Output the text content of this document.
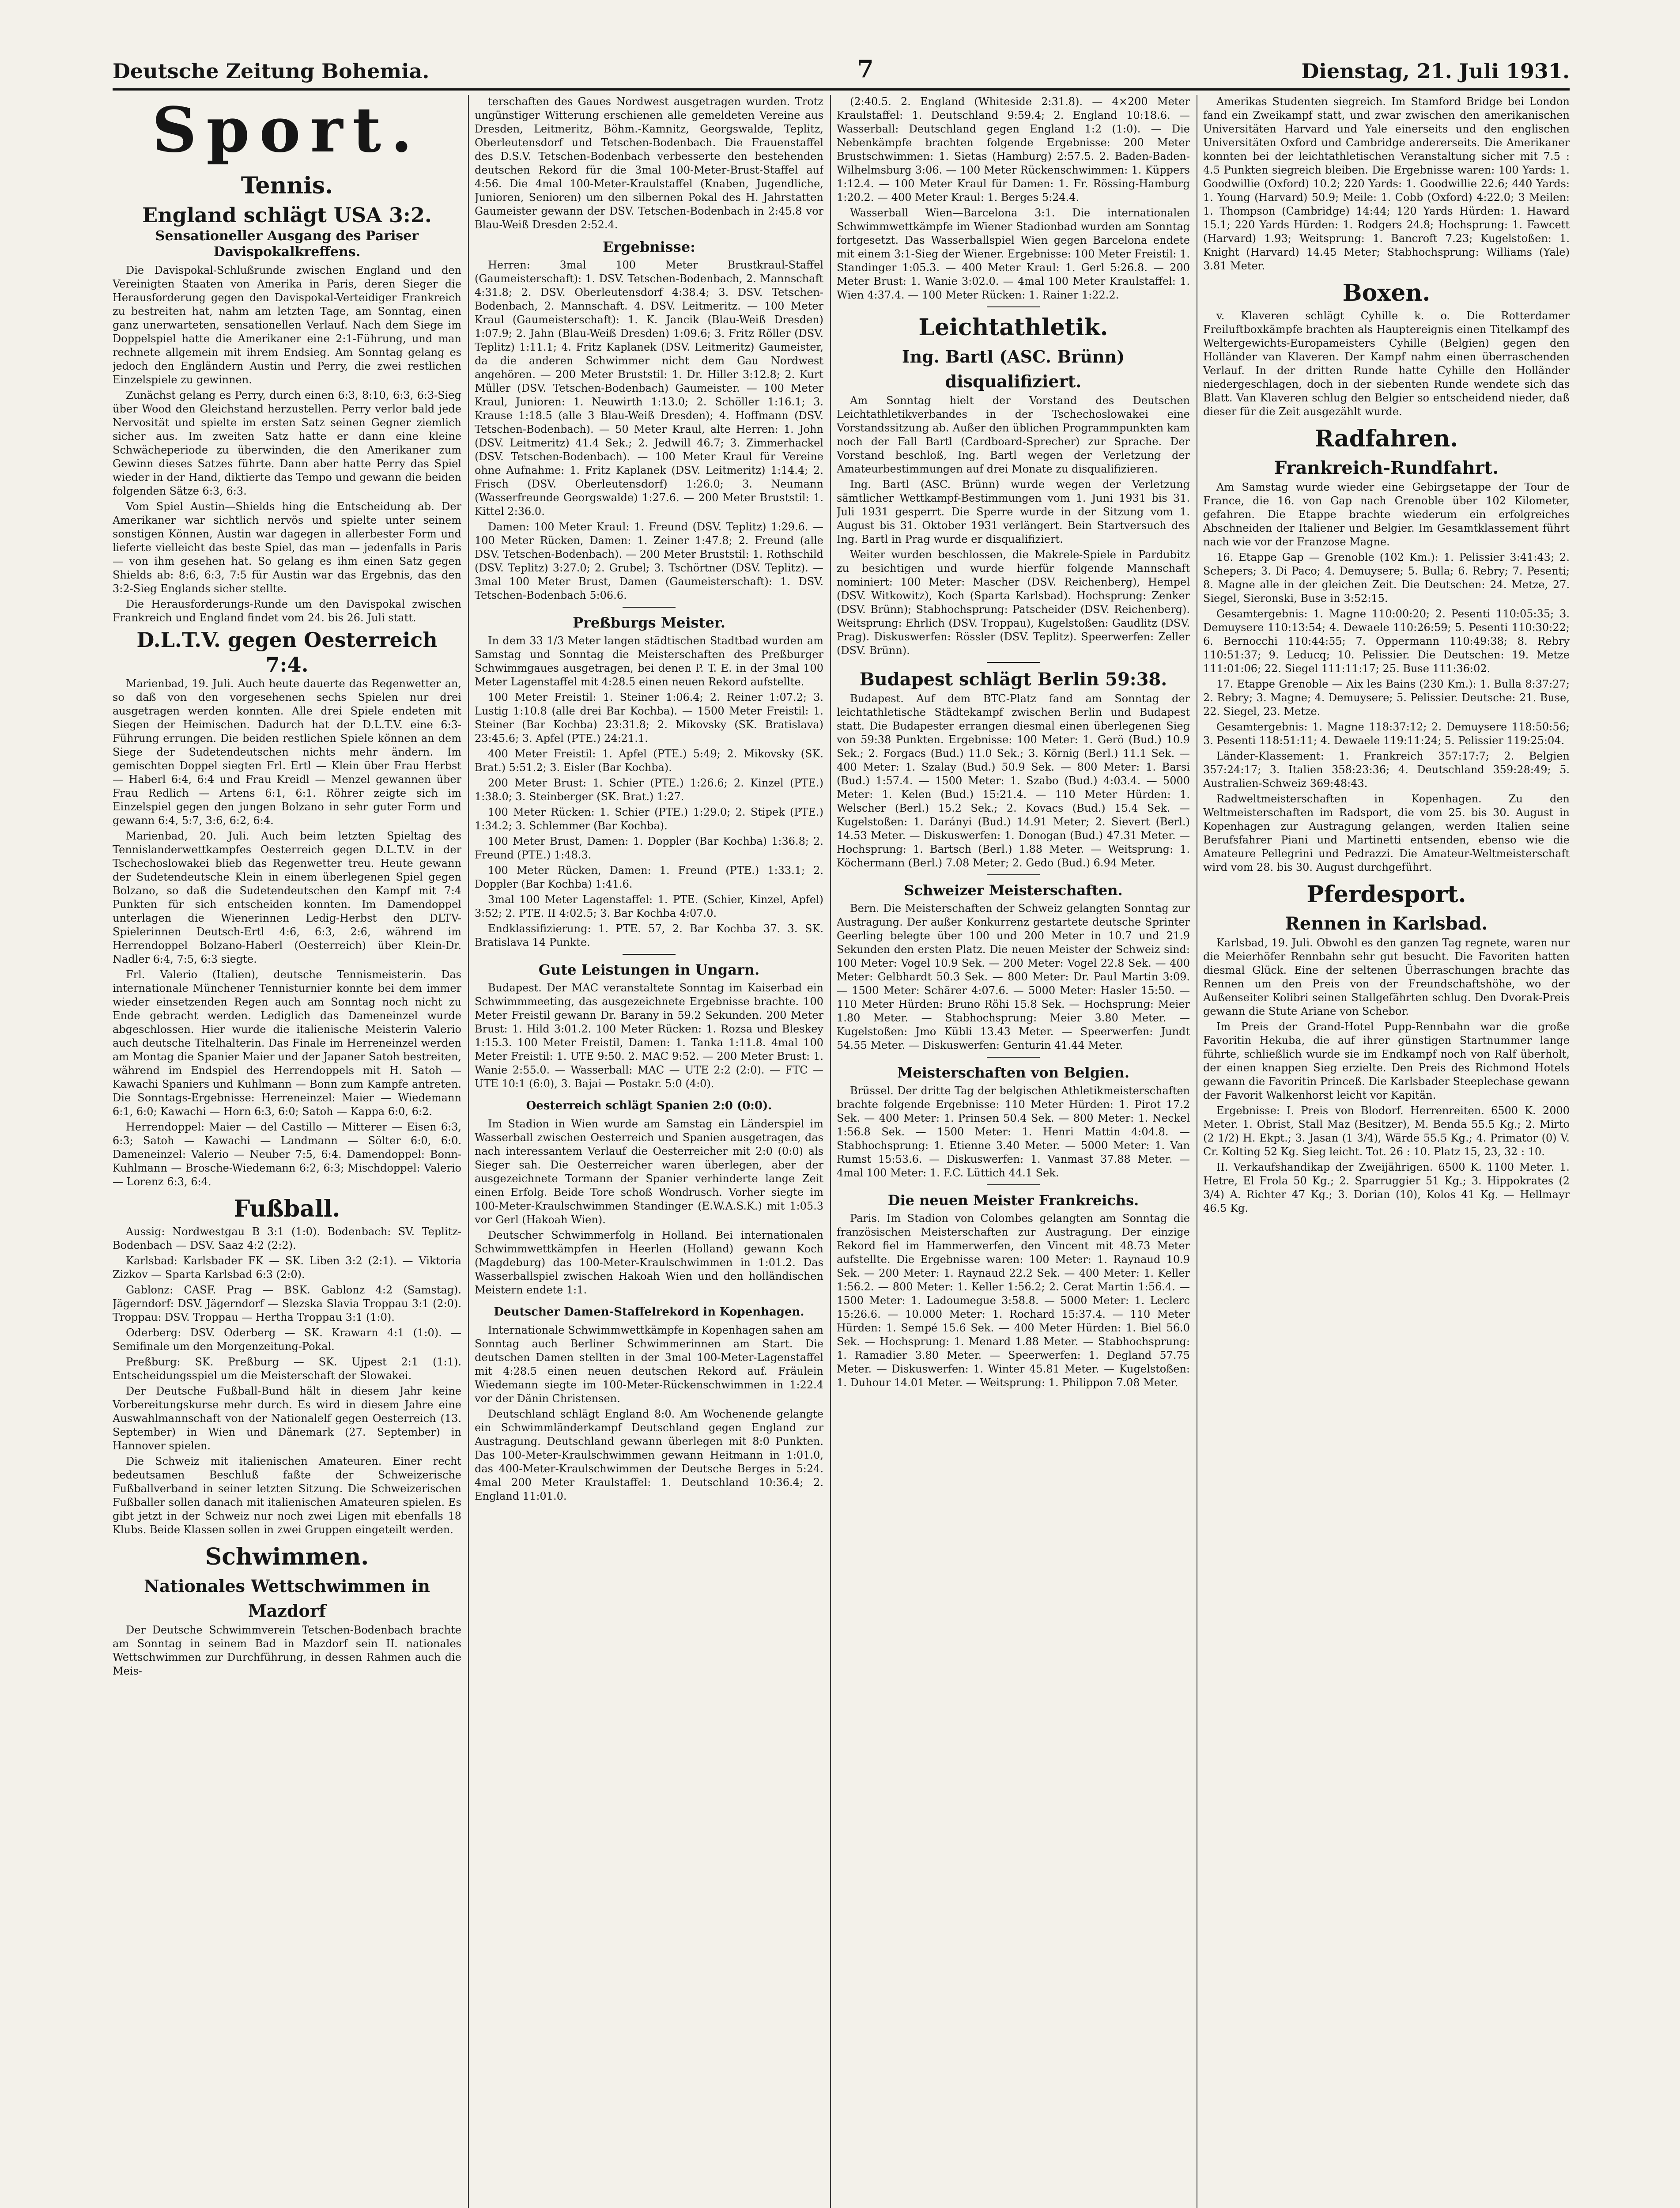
Deutsche Zeitung Bohemia.	7	Dienstag, 21. Juli 1931.
Sport.
Tennis.
England schlägt USA 3:2.
Sensationeller Ausgang des Pariser Davispokalkreffens.

Die Davispokal-Schlußrunde zwischen England und den Vereinigten Staaten von Amerika in Paris, deren Sieger die Herausforderung gegen den Davispokal-Verteidiger Frankreich zu bestreiten hat, nahm am letzten Tage, am Sonntag, einen ganz unerwarteten, sensationellen Verlauf. Nach dem Siege im Doppelspiel hatte die Amerikaner eine 2:1-Führung, und man rechnete allgemein mit ihrem Endsieg. Am Sonntag gelang es jedoch den Engländern Austin und Perry, die zwei restlichen Einzelspiele zu gewinnen.

Zunächst gelang es Perry, durch einen 6:3, 8:10, 6:3, 6:3-Sieg über Wood den Gleichstand herzustellen. Perry verlor bald jede Nervosität und spielte im ersten Satz seinen Gegner ziemlich sicher aus. Im zweiten Satz hatte er dann eine kleine Schwächeperiode zu überwinden, die den Amerikaner zum Gewinn dieses Satzes führte. Dann aber hatte Perry das Spiel wieder in der Hand, diktierte das Tempo und gewann die beiden folgenden Sätze 6:3, 6:3.

Vom Spiel Austin—Shields hing die Entscheidung ab. Der Amerikaner war sichtlich nervös und spielte unter seinem sonstigen Können, Austin war dagegen in allerbester Form und lieferte vielleicht das beste Spiel, das man — jedenfalls in Paris — von ihm gesehen hat. So gelang es ihm einen Satz gegen Shields ab: 8:6, 6:3, 7:5 für Austin war das Ergebnis, das den 3:2-Sieg Englands sicher stellte.

Die Herausforderungs-Runde um den Davispokal zwischen Frankreich und England findet vom 24. bis 26. Juli statt.

D.L.T.V. gegen Oesterreich 7:4.

Marienbad, 19. Juli. Auch heute dauerte das Regenwetter an, so daß von den vorgesehenen sechs Spielen nur drei ausgetragen werden konnten. Alle drei Spiele endeten mit Siegen der Heimischen. Dadurch hat der D.L.T.V. eine 6:3-Führung errungen. Die beiden restlichen Spiele können an dem Siege der Sudetendeutschen nichts mehr ändern. Im gemischten Doppel siegten Frl. Ertl — Klein über Frau Herbst — Haberl 6:4, 6:4 und Frau Kreidl — Menzel gewannen über Frau Redlich — Artens 6:1, 6:1. Röhrer zeigte sich im Einzelspiel gegen den jungen Bolzano in sehr guter Form und gewann 6:4, 5:7, 3:6, 6:2, 6:4.

Marienbad, 20. Juli. Auch beim letzten Spieltag des Tennislanderwettkampfes Oesterreich gegen D.L.T.V. in der Tschechoslowakei blieb das Regenwetter treu. Heute gewann der Sudetendeutsche Klein in einem überlegenen Spiel gegen Bolzano, so daß die Sudetendeutschen den Kampf mit 7:4 Punkten für sich entscheiden konnten. Im Damendoppel unterlagen die Wienerinnen Ledig-Herbst den DLTV-Spielerinnen Deutsch-Ertl 4:6, 6:3, 2:6, während im Herrendoppel Bolzano-Haberl (Oesterreich) über Klein-Dr. Nadler 6:4, 7:5, 6:3 siegte.

Frl. Valerio (Italien), deutsche Tennismeisterin. Das internationale Münchener Tennisturnier konnte bei dem immer wieder einsetzenden Regen auch am Sonntag noch nicht zu Ende gebracht werden. Lediglich das Dameneinzel wurde abgeschlossen. Hier wurde die italienische Meisterin Valerio auch deutsche Titelhalterin. Das Finale im Herreneinzel werden am Montag die Spanier Maier und der Japaner Satoh bestreiten, während im Endspiel des Herrendoppels mit H. Satoh — Kawachi Spaniers und Kuhlmann — Bonn zum Kampfe antreten. Die Sonntags-Ergebnisse: Herreneinzel: Maier — Wiedemann 6:1, 6:0; Kawachi — Horn 6:3, 6:0; Satoh — Kappa 6:0, 6:2.

Herrendoppel: Maier — del Castillo — Mitterer — Eisen 6:3, 6:3; Satoh — Kawachi — Landmann — Sölter 6:0, 6:0. Dameneinzel: Valerio — Neuber 7:5, 6:4. Damendoppel: Bonn-Kuhlmann — Brosche-Wiedemann 6:2, 6:3; Mischdoppel: Valerio — Lorenz 6:3, 6:4.

Fußball.

Aussig: Nordwestgau B 3:1 (1:0). Bodenbach: SV. Teplitz-Bodenbach — DSV. Saaz 4:2 (2:2).

Karlsbad: Karlsbader FK — SK. Liben 3:2 (2:1). — Viktoria Zizkov — Sparta Karlsbad 6:3 (2:0).

Gablonz: CASF. Prag — BSK. Gablonz 4:2 (Samstag). Jägerndorf: DSV. Jägerndorf — Slezska Slavia Troppau 3:1 (2:0). Troppau: DSV. Troppau — Hertha Troppau 3:1 (1:0).

Oderberg: DSV. Oderberg — SK. Krawarn 4:1 (1:0). — Semifinale um den Morgenzeitung-Pokal.

Preßburg: SK. Preßburg — SK. Ujpest 2:1 (1:1). Entscheidungsspiel um die Meisterschaft der Slowakei.

Der Deutsche Fußball-Bund hält in diesem Jahr keine Vorbereitungskurse mehr durch. Es wird in diesem Jahre eine Auswahlmannschaft von der Nationalelf gegen Oesterreich (13. September) in Wien und Dänemark (27. September) in Hannover spielen.

Die Schweiz mit italienischen Amateuren. Einer recht bedeutsamen Beschluß faßte der Schweizerische Fußballverband in seiner letzten Sitzung. Die Schweizerischen Fußballer sollen danach mit italienischen Amateuren spielen. Es gibt jetzt in der Schweiz nur noch zwei Ligen mit ebenfalls 18 Klubs. Beide Klassen sollen in zwei Gruppen eingeteilt werden.

Schwimmen.
Nationales Wettschwimmen in Mazdorf

Der Deutsche Schwimmverein Tetschen-Bodenbach brachte am Sonntag in seinem Bad in Mazdorf sein II. nationales Wettschwimmen zur Durchführung, in dessen Rahmen auch die Meis-

terschaften des Gaues Nordwest ausgetragen wurden. Trotz ungünstiger Witterung erschienen alle gemeldeten Vereine aus Dresden, Leitmeritz, Böhm.-Kamnitz, Georgswalde, Teplitz, Oberleutensdorf und Tetschen-Bodenbach. Die Frauenstaffel des D.S.V. Tetschen-Bodenbach verbesserte den bestehenden deutschen Rekord für die 3mal 100-Meter-Brust-Staffel auf 4:56. Die 4mal 100-Meter-Kraulstaffel (Knaben, Jugendliche, Junioren, Senioren) um den silbernen Pokal des H. Jahrstatten Gaumeister gewann der DSV. Tetschen-Bodenbach in 2:45.8 vor Blau-Weiß Dresden 2:52.4.

Ergebnisse:

Herren: 3mal 100 Meter Brustkraul-Staffel (Gaumeisterschaft): 1. DSV. Tetschen-Bodenbach, 2. Mannschaft 4:31.8; 2. DSV. Oberleutensdorf 4:38.4; 3. DSV. Tetschen-Bodenbach, 2. Mannschaft. 4. DSV. Leitmeritz. — 100 Meter Kraul (Gaumeisterschaft): 1. K. Jancik (Blau-Weiß Dresden) 1:07.9; 2. Jahn (Blau-Weiß Dresden) 1:09.6; 3. Fritz Röller (DSV. Teplitz) 1:11.1; 4. Fritz Kaplanek (DSV. Leitmeritz) Gaumeister, da die anderen Schwimmer nicht dem Gau Nordwest angehören. — 200 Meter Bruststil: 1. Dr. Hiller 3:12.8; 2. Kurt Müller (DSV. Tetschen-Bodenbach) Gaumeister. — 100 Meter Kraul, Junioren: 1. Neuwirth 1:13.0; 2. Schöller 1:16.1; 3. Krause 1:18.5 (alle 3 Blau-Weiß Dresden); 4. Hoffmann (DSV. Tetschen-Bodenbach). — 50 Meter Kraul, alte Herren: 1. John (DSV. Leitmeritz) 41.4 Sek.; 2. Jedwill 46.7; 3. Zimmerhackel (DSV. Tetschen-Bodenbach). — 100 Meter Kraul für Vereine ohne Aufnahme: 1. Fritz Kaplanek (DSV. Leitmeritz) 1:14.4; 2. Frisch (DSV. Oberleutensdorf) 1:26.0; 3. Neumann (Wasserfreunde Georgswalde) 1:27.6. — 200 Meter Bruststil: 1. Kittel 2:36.0.

Damen: 100 Meter Kraul: 1. Freund (DSV. Teplitz) 1:29.6. — 100 Meter Rücken, Damen: 1. Zeiner 1:47.8; 2. Freund (alle DSV. Tetschen-Bodenbach). — 200 Meter Bruststil: 1. Rothschild (DSV. Teplitz) 3:27.0; 2. Grubel; 3. Tschörtner (DSV. Teplitz). — 3mal 100 Meter Brust, Damen (Gaumeisterschaft): 1. DSV. Tetschen-Bodenbach 5:06.6.

Preßburgs Meister.

In dem 33 1/3 Meter langen städtischen Stadtbad wurden am Samstag und Sonntag die Meisterschaften des Preßburger Schwimmgaues ausgetragen, bei denen P. T. E. in der 3mal 100 Meter Lagenstaffel mit 4:28.5 einen neuen Rekord aufstellte.

100 Meter Freistil: 1. Steiner 1:06.4; 2. Reiner 1:07.2; 3. Lustig 1:10.8 (alle drei Bar Kochba). — 1500 Meter Freistil: 1. Steiner (Bar Kochba) 23:31.8; 2. Mikovsky (SK. Bratislava) 23:45.6; 3. Apfel (PTE.) 24:21.1.

400 Meter Freistil: 1. Apfel (PTE.) 5:49; 2. Mikovsky (SK. Brat.) 5:51.2; 3. Eisler (Bar Kochba).

200 Meter Brust: 1. Schier (PTE.) 1:26.6; 2. Kinzel (PTE.) 1:38.0; 3. Steinberger (SK. Brat.) 1:27.

100 Meter Rücken: 1. Schier (PTE.) 1:29.0; 2. Stipek (PTE.) 1:34.2; 3. Schlemmer (Bar Kochba).

100 Meter Brust, Damen: 1. Doppler (Bar Kochba) 1:36.8; 2. Freund (PTE.) 1:48.3.

100 Meter Rücken, Damen: 1. Freund (PTE.) 1:33.1; 2. Doppler (Bar Kochba) 1:41.6.

3mal 100 Meter Lagenstaffel: 1. PTE. (Schier, Kinzel, Apfel) 3:52; 2. PTE. II 4:02.5; 3. Bar Kochba 4:07.0.

Endklassifizierung: 1. PTE. 57, 2. Bar Kochba 37. 3. SK. Bratislava 14 Punkte.

Gute Leistungen in Ungarn.

Budapest. Der MAC veranstaltete Sonntag im Kaiserbad ein Schwimmmeeting, das ausgezeichnete Ergebnisse brachte. 100 Meter Freistil gewann Dr. Barany in 59.2 Sekunden. 200 Meter Brust: 1. Hild 3:01.2. 100 Meter Rücken: 1. Rozsa und Bleskey 1:15.3. 100 Meter Freistil, Damen: 1. Tanka 1:11.8. 4mal 100 Meter Freistil: 1. UTE 9:50. 2. MAC 9:52. — 200 Meter Brust: 1. Wanie 2:55.0. — Wasserball: MAC — UTE 2:2 (2:0). — FTC — UTE 10:1 (6:0), 3. Bajai — Postakr. 5:0 (4:0).

Oesterreich schlägt Spanien 2:0 (0:0).

Im Stadion in Wien wurde am Samstag ein Länderspiel im Wasserball zwischen Oesterreich und Spanien ausgetragen, das nach interessantem Verlauf die Oesterreicher mit 2:0 (0:0) als Sieger sah. Die Oesterreicher waren überlegen, aber der ausgezeichnete Tormann der Spanier verhinderte lange Zeit einen Erfolg. Beide Tore schoß Wondrusch. Vorher siegte im 100-Meter-Kraulschwimmen Standinger (E.W.A.S.K.) mit 1:05.3 vor Gerl (Hakoah Wien).

Deutscher Schwimmerfolg in Holland. Bei internationalen Schwimmwettkämpfen in Heerlen (Holland) gewann Koch (Magdeburg) das 100-Meter-Kraulschwimmen in 1:01.2. Das Wasserballspiel zwischen Hakoah Wien und den holländischen Meistern endete 1:1.

Deutscher Damen-Staffelrekord in Kopenhagen.

Internationale Schwimmwettkämpfe in Kopenhagen sahen am Sonntag auch Berliner Schwimmerinnen am Start. Die deutschen Damen stellten in der 3mal 100-Meter-Lagenstaffel mit 4:28.5 einen neuen deutschen Rekord auf. Fräulein Wiedemann siegte im 100-Meter-Rückenschwimmen in 1:22.4 vor der Dänin Christensen.

Deutschland schlägt England 8:0. Am Wochenende gelangte ein Schwimmländerkampf Deutschland gegen England zur Austragung. Deutschland gewann überlegen mit 8:0 Punkten. Das 100-Meter-Kraulschwimmen gewann Heitmann in 1:01.0, das 400-Meter-Kraulschwimmen der Deutsche Berges in 5:24. 4mal 200 Meter Kraulstaffel: 1. Deutschland 10:36.4; 2. England 11:01.0.

(2:40.5. 2. England (Whiteside 2:31.8). — 4×200 Meter Kraulstaffel: 1. Deutschland 9:59.4; 2. England 10:18.6. — Wasserball: Deutschland gegen England 1:2 (1:0). — Die Nebenkämpfe brachten folgende Ergebnisse: 200 Meter Brustschwimmen: 1. Sietas (Hamburg) 2:57.5. 2. Baden-Baden-Wilhelmsburg 3:06. — 100 Meter Rückenschwimmen: 1. Küppers 1:12.4. — 100 Meter Kraul für Damen: 1. Fr. Rössing-Hamburg 1:20.2. — 400 Meter Kraul: 1. Berges 5:24.4.

Wasserball Wien—Barcelona 3:1. Die internationalen Schwimmwettkämpfe im Wiener Stadionbad wurden am Sonntag fortgesetzt. Das Wasserballspiel Wien gegen Barcelona endete mit einem 3:1-Sieg der Wiener. Ergebnisse: 100 Meter Freistil: 1. Standinger 1:05.3. — 400 Meter Kraul: 1. Gerl 5:26.8. — 200 Meter Brust: 1. Wanie 3:02.0. — 4mal 100 Meter Kraulstaffel: 1. Wien 4:37.4. — 100 Meter Rücken: 1. Rainer 1:22.2.

Leichtathletik.
Ing. Bartl (ASC. Brünn) disqualifiziert.

Am Sonntag hielt der Vorstand des Deutschen Leichtathletikverbandes in der Tschechoslowakei eine Vorstandssitzung ab. Außer den üblichen Programmpunkten kam noch der Fall Bartl (Cardboard-Sprecher) zur Sprache. Der Vorstand beschloß, Ing. Bartl wegen der Verletzung der Amateurbestimmungen auf drei Monate zu disqualifizieren.

Ing. Bartl (ASC. Brünn) wurde wegen der Verletzung sämtlicher Wettkampf-Bestimmungen vom 1. Juni 1931 bis 31. Juli 1931 gesperrt. Die Sperre wurde in der Sitzung vom 1. August bis 31. Oktober 1931 verlängert. Bein Startversuch des Ing. Bartl in Prag wurde er disqualifiziert.

Weiter wurden beschlossen, die Makrele-Spiele in Pardubitz zu besichtigen und wurde hierfür folgende Mannschaft nominiert: 100 Meter: Mascher (DSV. Reichenberg), Hempel (DSV. Witkowitz), Koch (Sparta Karlsbad). Hochsprung: Zenker (DSV. Brünn); Stabhochsprung: Patscheider (DSV. Reichenberg). Weitsprung: Ehrlich (DSV. Troppau), Kugelstoßen: Gaudlitz (DSV. Prag). Diskuswerfen: Rössler (DSV. Teplitz). Speerwerfen: Zeller (DSV. Brünn).

Budapest schlägt Berlin 59:38.

Budapest. Auf dem BTC-Platz fand am Sonntag der leichtathletische Städtekampf zwischen Berlin und Budapest statt. Die Budapester errangen diesmal einen überlegenen Sieg von 59:38 Punkten. Ergebnisse: 100 Meter: 1. Gerö (Bud.) 10.9 Sek.; 2. Forgacs (Bud.) 11.0 Sek.; 3. Körnig (Berl.) 11.1 Sek. — 400 Meter: 1. Szalay (Bud.) 50.9 Sek. — 800 Meter: 1. Barsi (Bud.) 1:57.4. — 1500 Meter: 1. Szabo (Bud.) 4:03.4. — 5000 Meter: 1. Kelen (Bud.) 15:21.4. — 110 Meter Hürden: 1. Welscher (Berl.) 15.2 Sek.; 2. Kovacs (Bud.) 15.4 Sek. — Kugelstoßen: 1. Darányi (Bud.) 14.91 Meter; 2. Sievert (Berl.) 14.53 Meter. — Diskuswerfen: 1. Donogan (Bud.) 47.31 Meter. — Hochsprung: 1. Bartsch (Berl.) 1.88 Meter. — Weitsprung: 1. Köchermann (Berl.) 7.08 Meter; 2. Gedo (Bud.) 6.94 Meter.

Schweizer Meisterschaften.

Bern. Die Meisterschaften der Schweiz gelangten Sonntag zur Austragung. Der außer Konkurrenz gestartete deutsche Sprinter Geerling belegte über 100 und 200 Meter in 10.7 und 21.9 Sekunden den ersten Platz. Die neuen Meister der Schweiz sind: 100 Meter: Vogel 10.9 Sek. — 200 Meter: Vogel 22.8 Sek. — 400 Meter: Gelbhardt 50.3 Sek. — 800 Meter: Dr. Paul Martin 3:09. — 1500 Meter: Schärer 4:07.6. — 5000 Meter: Hasler 15:50. — 110 Meter Hürden: Bruno Röhi 15.8 Sek. — Hochsprung: Meier 1.80 Meter. — Stabhochsprung: Meier 3.80 Meter. — Kugelstoßen: Jmo Kübli 13.43 Meter. — Speerwerfen: Jundt 54.55 Meter. — Diskuswerfen: Genturin 41.44 Meter.

Meisterschaften von Belgien.

Brüssel. Der dritte Tag der belgischen Athletikmeisterschaften brachte folgende Ergebnisse: 110 Meter Hürden: 1. Pirot 17.2 Sek. — 400 Meter: 1. Prinsen 50.4 Sek. — 800 Meter: 1. Neckel 1:56.8 Sek. — 1500 Meter: 1. Henri Mattin 4:04.8. — Stabhochsprung: 1. Etienne 3.40 Meter. — 5000 Meter: 1. Van Rumst 15:53.6. — Diskuswerfen: 1. Vanmast 37.88 Meter. — 4mal 100 Meter: 1. F.C. Lüttich 44.1 Sek.

Die neuen Meister Frankreichs.

Paris. Im Stadion von Colombes gelangten am Sonntag die französischen Meisterschaften zur Austragung. Der einzige Rekord fiel im Hammerwerfen, den Vincent mit 48.73 Meter aufstellte. Die Ergebnisse waren: 100 Meter: 1. Raynaud 10.9 Sek. — 200 Meter: 1. Raynaud 22.2 Sek. — 400 Meter: 1. Keller 1:56.2. — 800 Meter: 1. Keller 1:56.2; 2. Cerat Martin 1:56.4. — 1500 Meter: 1. Ladoumegue 3:58.8. — 5000 Meter: 1. Leclerc 15:26.6. — 10.000 Meter: 1. Rochard 15:37.4. — 110 Meter Hürden: 1. Sempé 15.6 Sek. — 400 Meter Hürden: 1. Biel 56.0 Sek. — Hochsprung: 1. Menard 1.88 Meter. — Stabhochsprung: 1. Ramadier 3.80 Meter. — Speerwerfen: 1. Degland 57.75 Meter. — Diskuswerfen: 1. Winter 45.81 Meter. — Kugelstoßen: 1. Duhour 14.01 Meter. — Weitsprung: 1. Philippon 7.08 Meter.

Amerikas Studenten siegreich. Im Stamford Bridge bei London fand ein Zweikampf statt, und zwar zwischen den amerikanischen Universitäten Harvard und Yale einerseits und den englischen Universitäten Oxford und Cambridge andererseits. Die Amerikaner konnten bei der leichtathletischen Veranstaltung sicher mit 7.5 : 4.5 Punkten siegreich bleiben. Die Ergebnisse waren: 100 Yards: 1. Goodwillie (Oxford) 10.2; 220 Yards: 1. Goodwillie 22.6; 440 Yards: 1. Young (Harvard) 50.9; Meile: 1. Cobb (Oxford) 4:22.0; 3 Meilen: 1. Thompson (Cambridge) 14:44; 120 Yards Hürden: 1. Haward 15.1; 220 Yards Hürden: 1. Rodgers 24.8; Hochsprung: 1. Fawcett (Harvard) 1.93; Weitsprung: 1. Bancroft 7.23; Kugelstoßen: 1. Knight (Harvard) 14.45 Meter; Stabhochsprung: Williams (Yale) 3.81 Meter.

Boxen.

v. Klaveren schlägt Cyhille k. o. Die Rotterdamer Freiluftboxkämpfe brachten als Hauptereignis einen Titelkampf des Weltergewichts-Europameisters Cyhille (Belgien) gegen den Holländer van Klaveren. Der Kampf nahm einen überraschenden Verlauf. In der dritten Runde hatte Cyhille den Holländer niedergeschlagen, doch in der siebenten Runde wendete sich das Blatt. Van Klaveren schlug den Belgier so entscheidend nieder, daß dieser für die Zeit ausgezählt wurde.

Radfahren.
Frankreich-Rundfahrt.

Am Samstag wurde wieder eine Gebirgsetappe der Tour de France, die 16. von Gap nach Grenoble über 102 Kilometer, gefahren. Die Etappe brachte wiederum ein erfolgreiches Abschneiden der Italiener und Belgier. Im Gesamtklassement führt nach wie vor der Franzose Magne.

16. Etappe Gap — Grenoble (102 Km.): 1. Pelissier 3:41:43; 2. Schepers; 3. Di Paco; 4. Demuysere; 5. Bulla; 6. Rebry; 7. Pesenti; 8. Magne alle in der gleichen Zeit. Die Deutschen: 24. Metze, 27. Siegel, Sieronski, Buse in 3:52:15.

Gesamtergebnis: 1. Magne 110:00:20; 2. Pesenti 110:05:35; 3. Demuysere 110:13:54; 4. Dewaele 110:26:59; 5. Pesenti 110:30:22; 6. Bernocchi 110:44:55; 7. Oppermann 110:49:38; 8. Rebry 110:51:37; 9. Leducq; 10. Pelissier. Die Deutschen: 19. Metze 111:01:06; 22. Siegel 111:11:17; 25. Buse 111:36:02.

17. Etappe Grenoble — Aix les Bains (230 Km.): 1. Bulla 8:37:27; 2. Rebry; 3. Magne; 4. Demuysere; 5. Pelissier. Deutsche: 21. Buse, 22. Siegel, 23. Metze.

Gesamtergebnis: 1. Magne 118:37:12; 2. Demuysere 118:50:56; 3. Pesenti 118:51:11; 4. Dewaele 119:11:24; 5. Pelissier 119:25:04.

Länder-Klassement: 1. Frankreich 357:17:7; 2. Belgien 357:24:17; 3. Italien 358:23:36; 4. Deutschland 359:28:49; 5. Australien-Schweiz 369:48:43.

Radweltmeisterschaften in Kopenhagen. Zu den Weltmeisterschaften im Radsport, die vom 25. bis 30. August in Kopenhagen zur Austragung gelangen, werden Italien seine Berufsfahrer Piani und Martinetti entsenden, ebenso wie die Amateure Pellegrini und Pedrazzi. Die Amateur-Weltmeisterschaft wird vom 28. bis 30. August durchgeführt.

Pferdesport.
Rennen in Karlsbad.

Karlsbad, 19. Juli. Obwohl es den ganzen Tag regnete, waren nur die Meierhöfer Rennbahn sehr gut besucht. Die Favoriten hatten diesmal Glück. Eine der seltenen Überraschungen brachte das Rennen um den Preis von der Freundschaftshöhe, wo der Außenseiter Kolibri seinen Stallgefährten schlug. Den Dvorak-Preis gewann die Stute Ariane von Schebor.

Im Preis der Grand-Hotel Pupp-Rennbahn war die große Favoritin Hekuba, die auf ihrer günstigen Startnummer lange führte, schließlich wurde sie im Endkampf noch von Ralf überholt, der einen knappen Sieg erzielte. Den Preis des Richmond Hotels gewann die Favoritin Princeß. Die Karlsbader Steeplechase gewann der Favorit Walkenhorst leicht vor Kapitän.

Ergebnisse: I. Preis von Blodorf. Herrenreiten. 6500 K. 2000 Meter. 1. Obrist, Stall Maz (Besitzer), M. Benda 55.5 Kg.; 2. Mirto (2 1/2) H. Ekpt.; 3. Jasan (1 3/4), Wärde 55.5 Kg.; 4. Primator (0) V. Cr. Kolting 52 Kg. Sieg leicht. Tot. 26 : 10. Platz 15, 23, 32 : 10.

II. Verkaufshandikap der Zweijährigen. 6500 K. 1100 Meter. 1. Hetre, El Frola 50 Kg.; 2. Sparruggier 51 Kg.; 3. Hippokrates (2 3/4) A. Richter 47 Kg.; 3. Dorian (10), Kolos 41 Kg. — Hellmayr 46.5 Kg.
